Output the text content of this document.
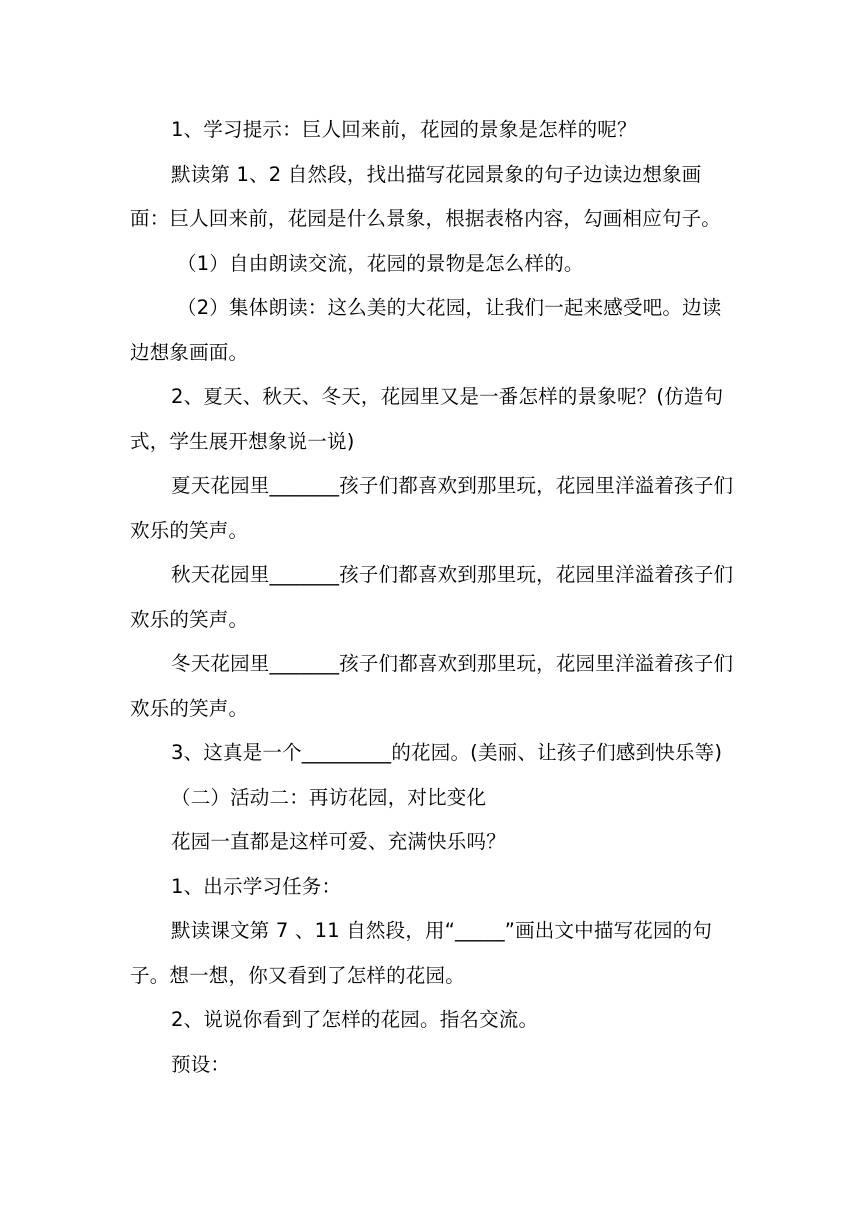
1、学习提示：巨人回来前，花园的景象是怎样的呢？

默读第 1、2 自然段，找出描写花园景象的句子边读边想象画面：巨人回来前，花园是什么景象，根据表格内容，勾画相应句子。

（1）自由朗读交流，花园的景物是怎么样的。

（2）集体朗读：这么美的大花园，让我们一起来感受吧。边读边想象画面。

2、夏天、秋天、冬天，花园里又是一番怎样的景象呢？(仿造句式，学生展开想象说一说)

夏天花园里_______孩子们都喜欢到那里玩，花园里洋溢着孩子们欢乐的笑声。

秋天花园里_______孩子们都喜欢到那里玩，花园里洋溢着孩子们欢乐的笑声。

冬天花园里_______孩子们都喜欢到那里玩，花园里洋溢着孩子们欢乐的笑声。

3、这真是一个_________的花园。(美丽、让孩子们感到快乐等)

（二）活动二：再访花园，对比变化

花园一直都是这样可爱、充满快乐吗？

1、出示学习任务：

默读课文第 7 、11 自然段，用“_____”画出文中描写花园的句子。想一想，你又看到了怎样的花园。

2、说说你看到了怎样的花园。指名交流。

预设：
